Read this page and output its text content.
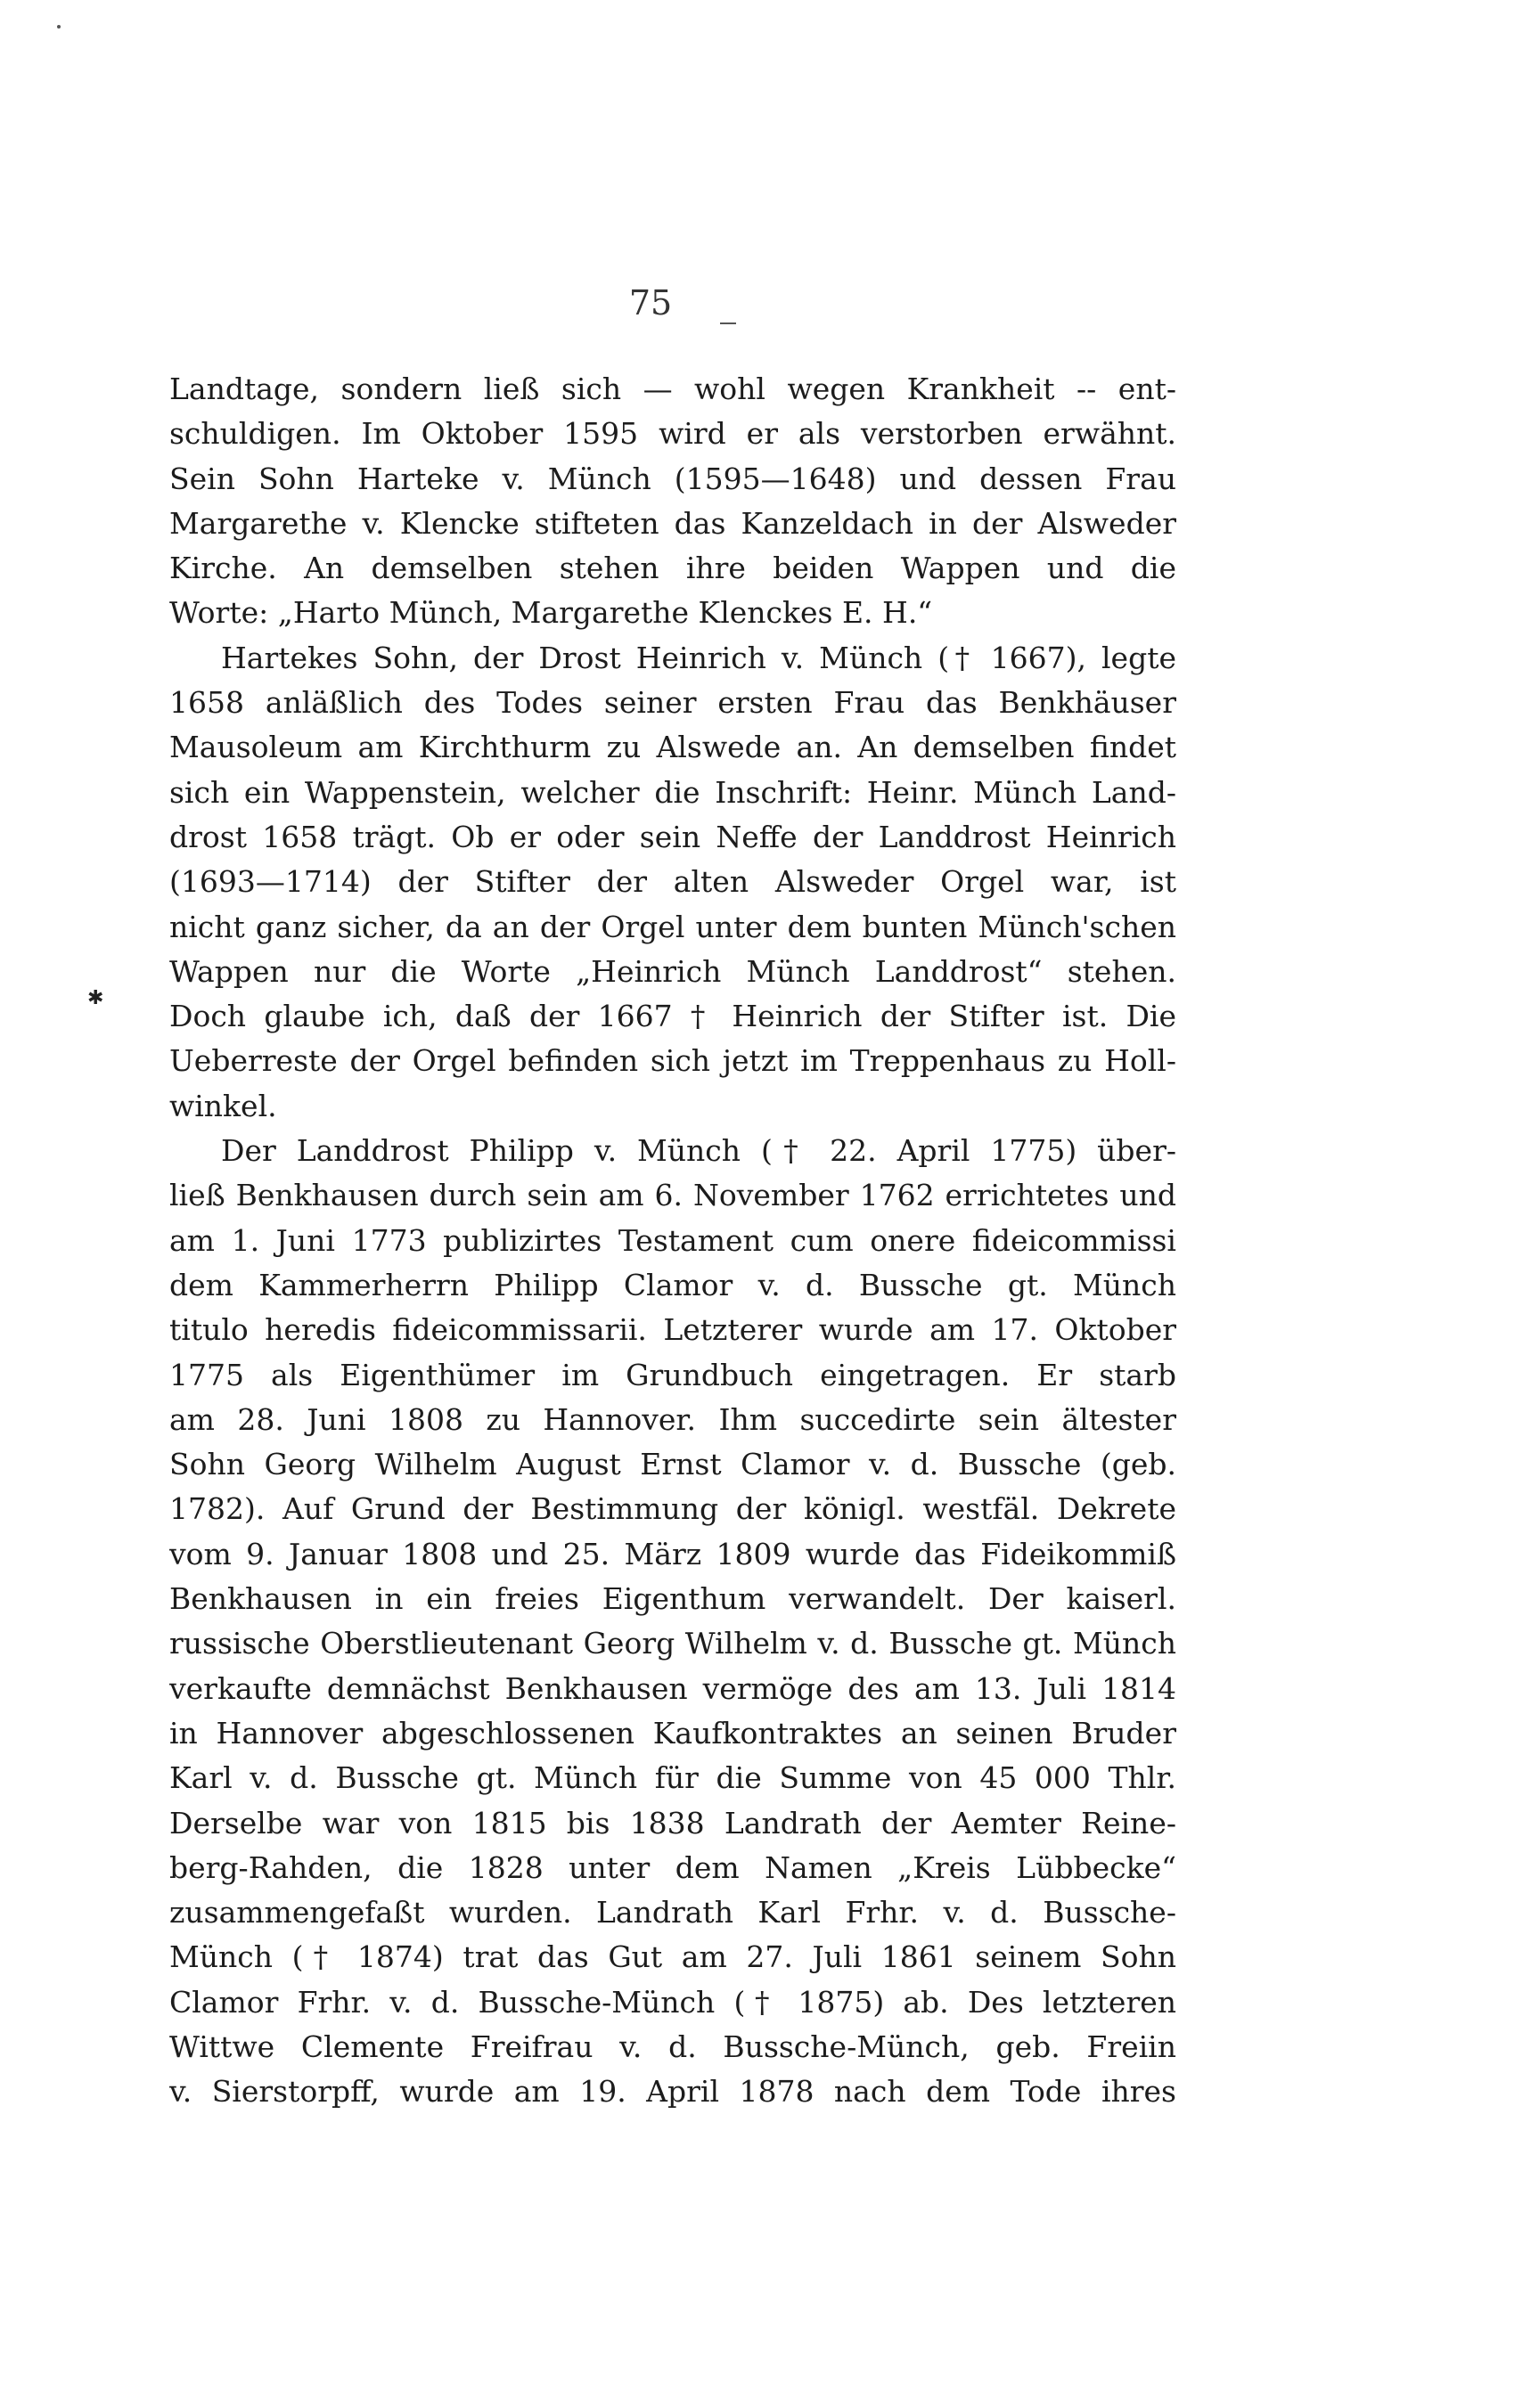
75
✱
Landtage, sondern ließ sich — wohl wegen Krankheit -- ent-
schuldigen. Im Oktober 1595 wird er als verstorben erwähnt.
Sein Sohn Harteke v. Münch (1595—1648) und dessen Frau
Margarethe v. Klencke stifteten das Kanzeldach in der Alsweder
Kirche. An demselben stehen ihre beiden Wappen und die
Worte: „Harto Münch, Margarethe Klenckes E. H.“
Hartekes Sohn, der Drost Heinrich v. Münch († 1667), legte
1658 anläßlich des Todes seiner ersten Frau das Benkhäuser
Mausoleum am Kirchthurm zu Alswede an. An demselben findet
sich ein Wappenstein, welcher die Inschrift: Heinr. Münch Land-
drost 1658 trägt. Ob er oder sein Neffe der Landdrost Heinrich
(1693—1714) der Stifter der alten Alsweder Orgel war, ist
nicht ganz sicher, da an der Orgel unter dem bunten Münch'schen
Wappen nur die Worte „Heinrich Münch Landdrost“ stehen.
Doch glaube ich, daß der 1667 † Heinrich der Stifter ist. Die
Ueberreste der Orgel befinden sich jetzt im Treppenhaus zu Holl-
winkel.
Der Landdrost Philipp v. Münch († 22. April 1775) über-
ließ Benkhausen durch sein am 6. November 1762 errichtetes und
am 1. Juni 1773 publizirtes Testament cum onere fideicommissi
dem Kammerherrn Philipp Clamor v. d. Bussche gt. Münch
titulo heredis fideicommissarii. Letzterer wurde am 17. Oktober
1775 als Eigenthümer im Grundbuch eingetragen. Er starb
am 28. Juni 1808 zu Hannover. Ihm succedirte sein ältester
Sohn Georg Wilhelm August Ernst Clamor v. d. Bussche (geb.
1782). Auf Grund der Bestimmung der königl. westfäl. Dekrete
vom 9. Januar 1808 und 25. März 1809 wurde das Fideikommiß
Benkhausen in ein freies Eigenthum verwandelt. Der kaiserl.
russische Oberstlieutenant Georg Wilhelm v. d. Bussche gt. Münch
verkaufte demnächst Benkhausen vermöge des am 13. Juli 1814
in Hannover abgeschlossenen Kaufkontraktes an seinen Bruder
Karl v. d. Bussche gt. Münch für die Summe von 45 000 Thlr.
Derselbe war von 1815 bis 1838 Landrath der Aemter Reine-
berg-Rahden, die 1828 unter dem Namen „Kreis Lübbecke“
zusammengefaßt wurden. Landrath Karl Frhr. v. d. Bussche-
Münch († 1874) trat das Gut am 27. Juli 1861 seinem Sohn
Clamor Frhr. v. d. Bussche-Münch († 1875) ab. Des letzteren
Wittwe Clemente Freifrau v. d. Bussche-Münch, geb. Freiin
v. Sierstorpff, wurde am 19. April 1878 nach dem Tode ihres
